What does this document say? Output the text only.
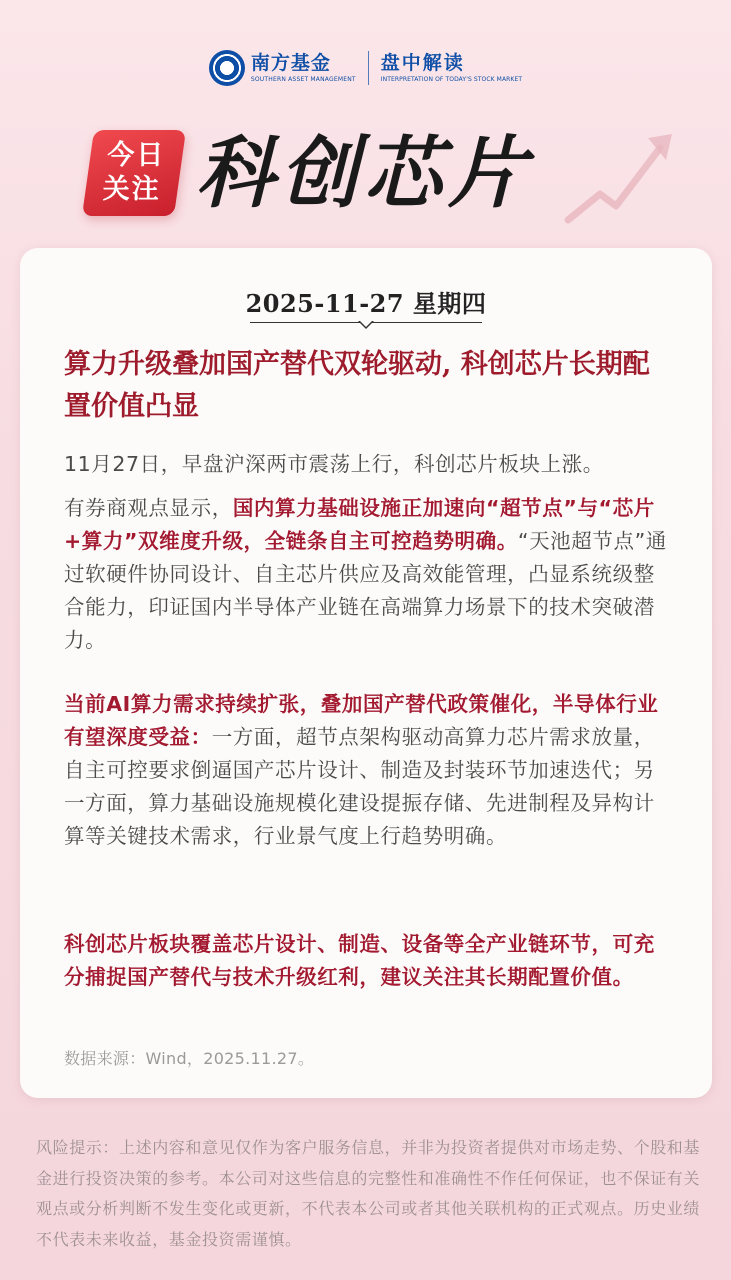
南方基金
SOUTHERN ASSET MANAGEMENT
盘中解读
INTERPRETATION OF TODAY'S STOCK MARKET
今日
关注 科创芯片
2025-11-27 星期四
算力升级叠加国产替代双轮驱动, 科创芯片长期配置价值凸显

11月27日，早盘沪深两市震荡上行，科创芯片板块上涨。

有券商观点显示，国内算力基础设施正加速向“超节点”与“芯片+算力”双维度升级，全链条自主可控趋势明确。“天池超节点”通过软硬件协同设计、自主芯片供应及高效能管理，凸显系统级整合能力，印证国内半导体产业链在高端算力场景下的技术突破潜力。

当前AI算力需求持续扩张，叠加国产替代政策催化，半导体行业有望深度受益：一方面，超节点架构驱动高算力芯片需求放量，自主可控要求倒逼国产芯片设计、制造及封装环节加速迭代；另一方面，算力基础设施规模化建设提振存储、先进制程及异构计算等关键技术需求，行业景气度上行趋势明确。

科创芯片板块覆盖芯片设计、制造、设备等全产业链环节，可充分捕捉国产替代与技术升级红利，建议关注其长期配置价值。

数据来源：Wind，2025.11.27。

风险提示：上述内容和意见仅作为客户服务信息，并非为投资者提供对市场走势、个股和基金进行投资决策的参考。本公司对这些信息的完整性和准确性不作任何保证，也不保证有关观点或分析判断不发生变化或更新，不代表本公司或者其他关联机构的正式观点。历史业绩不代表未来收益，基金投资需谨慎。
